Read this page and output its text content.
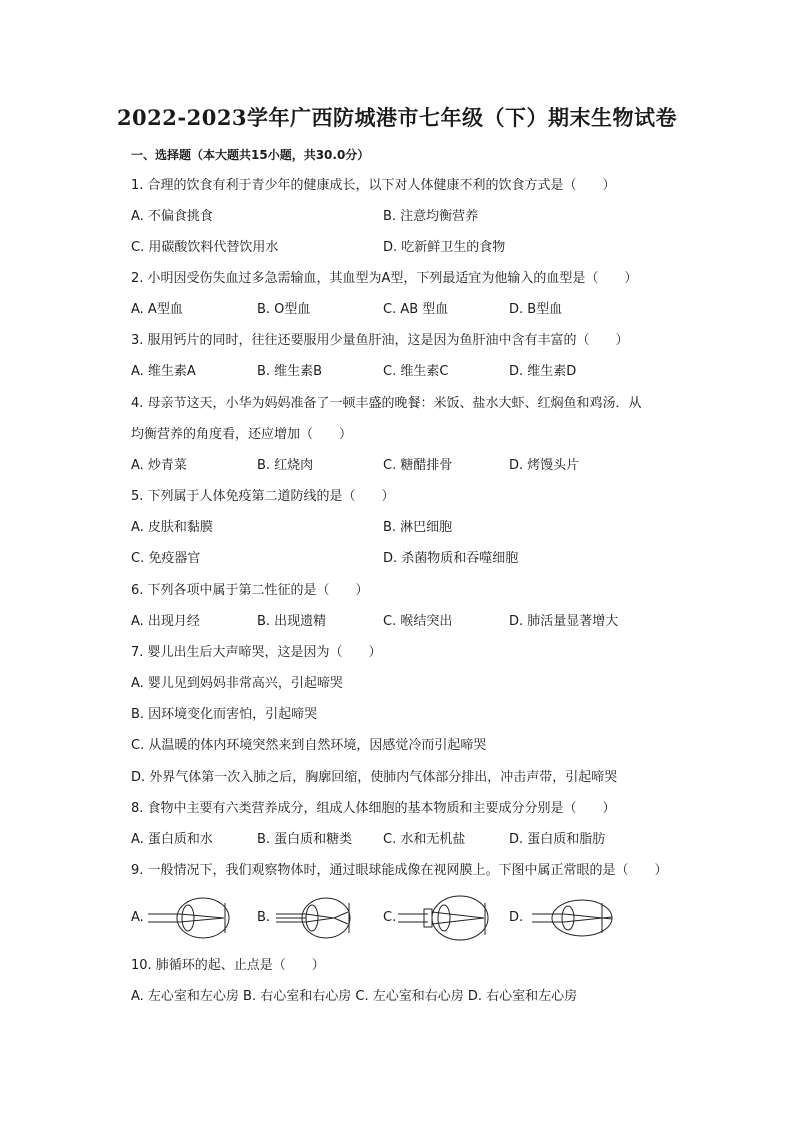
2022-2023学年广西防城港市七年级（下）期末生物试卷
一、选择题（本大题共15小题，共30.0分）
1. 合理的饮食有利于青少年的健康成长，以下对人体健康不利的饮食方式是（　　）
A. 不偏食挑食	B. 注意均衡营养
C. 用碳酸饮料代替饮用水	D. 吃新鲜卫生的食物
2. 小明因受伤失血过多急需输血，其血型为A型，下列最适宜为他输入的血型是（　　）
A. A型血	B. O型血	C. AB 型血	D. B型血
3. 服用钙片的同时，往往还要服用少量鱼肝油，这是因为鱼肝油中含有丰富的（　　）
A. 维生素A	B. 维生素B	C. 维生素C	D. 维生素D
4. 母亲节这天，小华为妈妈准备了一顿丰盛的晚餐：米饭、盐水大虾、红焖鱼和鸡汤．从
均衡营养的角度看，还应增加（　　）
A. 炒青菜	B. 红烧肉	C. 糖醋排骨	D. 烤馒头片
5. 下列属于人体免疫第二道防线的是（　　）
A. 皮肤和黏膜	B. 淋巴细胞
C. 免疫器官	D. 杀菌物质和吞噬细胞
6. 下列各项中属于第二性征的是（　　）
A. 出现月经	B. 出现遗精	C. 喉结突出	D. 肺活量显著增大
7. 婴儿出生后大声啼哭，这是因为（　　）
A. 婴儿见到妈妈非常高兴，引起啼哭
B. 因环境变化而害怕，引起啼哭
C. 从温暖的体内环境突然来到自然环境，因感觉冷而引起啼哭
D. 外界气体第一次入肺之后，胸廓回缩，使肺内气体部分排出，冲击声带，引起啼哭
8. 食物中主要有六类营养成分，组成人体细胞的基本物质和主要成分分别是（　　）
A. 蛋白质和水	B. 蛋白质和糖类 C. 水和无机盐	D. 蛋白质和脂肪
9. 一般情况下，我们观察物体时，通过眼球能成像在视网膜上。下图中属正常眼的是（　　）
A.	B.	C.	D.
10. 肺循环的起、止点是（　　）
A. 左心室和左心房 B. 右心室和右心房 C. 左心室和右心房 D. 右心室和左心房
